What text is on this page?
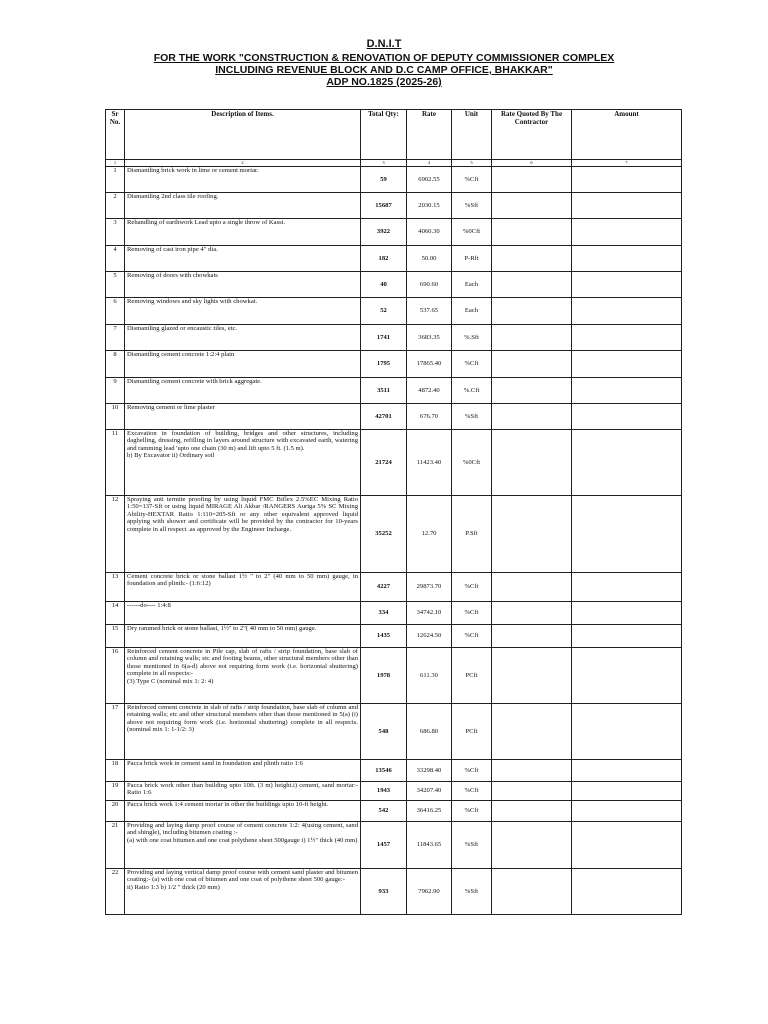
D.N.I.T
FOR THE WORK "CONSTRUCTION & RENOVATION OF DEPUTY COMMISSIONER COMPLEX
INCLUDING REVENUE BLOCK AND D.C CAMP OFFICE, BHAKKAR"
ADP NO.1825 (2025-26)
Sr No.	Description of Items.	Total Qty:	Rate	Unit	Rate Quoted By The Contractor	Amount
1	2	3	4	5	6	7
1	Dismantling brick work in lime or cement mortar.	59	6902.55	%Cft		
2	Dismantling 2nd class tile roofing.	15687	2030.15	%Sft		
3	Rehandling of earthwork Lead upto a single throw of Kassi.	3922	4060.30	%0Cft		
4	Removing of cast iron pipe 4" dia.	182	50.00	P-Rft		
5	Removing of doors with chowkats	40	690.60	Each		
6	Removing windows and sky lights with chowkat.	52	537.65	Each		
7	Dismantling glazed or encaustic tiles, etc.	1741	3683.35	%.Sft		
8	Dismantling cement concrete 1:2:4 plain	1795	17865.40	%Cft		
9	Dismantling cement concrete with brick aggregate.	3511	4872.40	%.Cft		
10	Removing cement or lime plaster	42701	676.70	%Sft		
11	Excavation in foundation of building, bridges and other structures, including dagbelling, dressing, refilling in layers around structure with excavated earth, watering and ramming lead 'upto one chain (30 m) and lift upto 5 ft. (1.5 m).
b) By Excavator ii) Ordinary soil	21724	11423.40	%0Cft		
12	Spraying anti termite proofing by using liquid FMC Biflex 2.5%EC Mixing Ratio 1:50=137-Sft or using liquid MIRAGE Ali Akbar /RANGERS Auriga 5% SC Mixing Ability-HEXTAR Ratio 1:110=205-Sft or any other equivalent approved liquid applying with shower and certificate will be provided by the contractor for 10-years complete in all respect .as approved by the Engineer Incharge.	35252	12.70	P.Sft		
13	Cement concrete brick or stone ballast 1½ " to 2" (40 mm to 50 mm) gauge, in foundation and plinth:- (1:6:12)	4227	29873.70	%Cft		
14	------do---- 1:4:8	334	34742.10	%Cft		
15	Dry rammed brick or stone ballast, 1½" to 2"( 40 mm to 50 mm) gauge.	1435	12624.50	%Cft		
16	Reinforced cement concrete in Pile cap, slab of rafts / strip foundation, base slab of column and retaining walls; etc and footing beams, other structural members other than those mentioned in 6(a-d) above not requiring form work (i.e. horizontal shuttering) complete in all respects:-
(3) Type C (nominal mix 1: 2: 4)	1978	611.30	PCft		
17	Reinforced cement concrete in slab of rafts / strip foundation, base slab of column and retaining walls; etc and other structural members other than those mentioned in 5(a) (i) above not requiring form work (i.e. horizontal shuttering) complete in all respects.(nominal mix 1: 1-1/2: 3)	548	686.80	PCft		
18	Pacca brick work in cement sand in foundation and plinth ratio 1:6	13546	33298.40	%Cft		
19	Pacca brick work other than building upto 10ft. (3 m) height.i) cement, sand mortar:-Ratio 1:6	1943	34207.40	%Cft		
20	Pacca brick work 1:4 cement mortar in other the buildings upto 10-ft height.	542	36416.25	%Cft		
21	Providing and laying damp proof course of cement concrete 1:2: 4(using cement, sand and shingle), including bitumen coating :-
(a) with one coat bitumen and one coat polythene sheet 500gauge i) 1½" thick (40 mm)	1457	11843.65	%Sft		
22	Providing and laying vertical damp proof course with cement sand plaster and bitumen coating:- (a) with one coat of bitumen and one coat of polythene sheet 500 gauge:-
ii) Ratio 1:3 b) 1/2 " thick (20 mm)	933	7962.90	%Sft		
